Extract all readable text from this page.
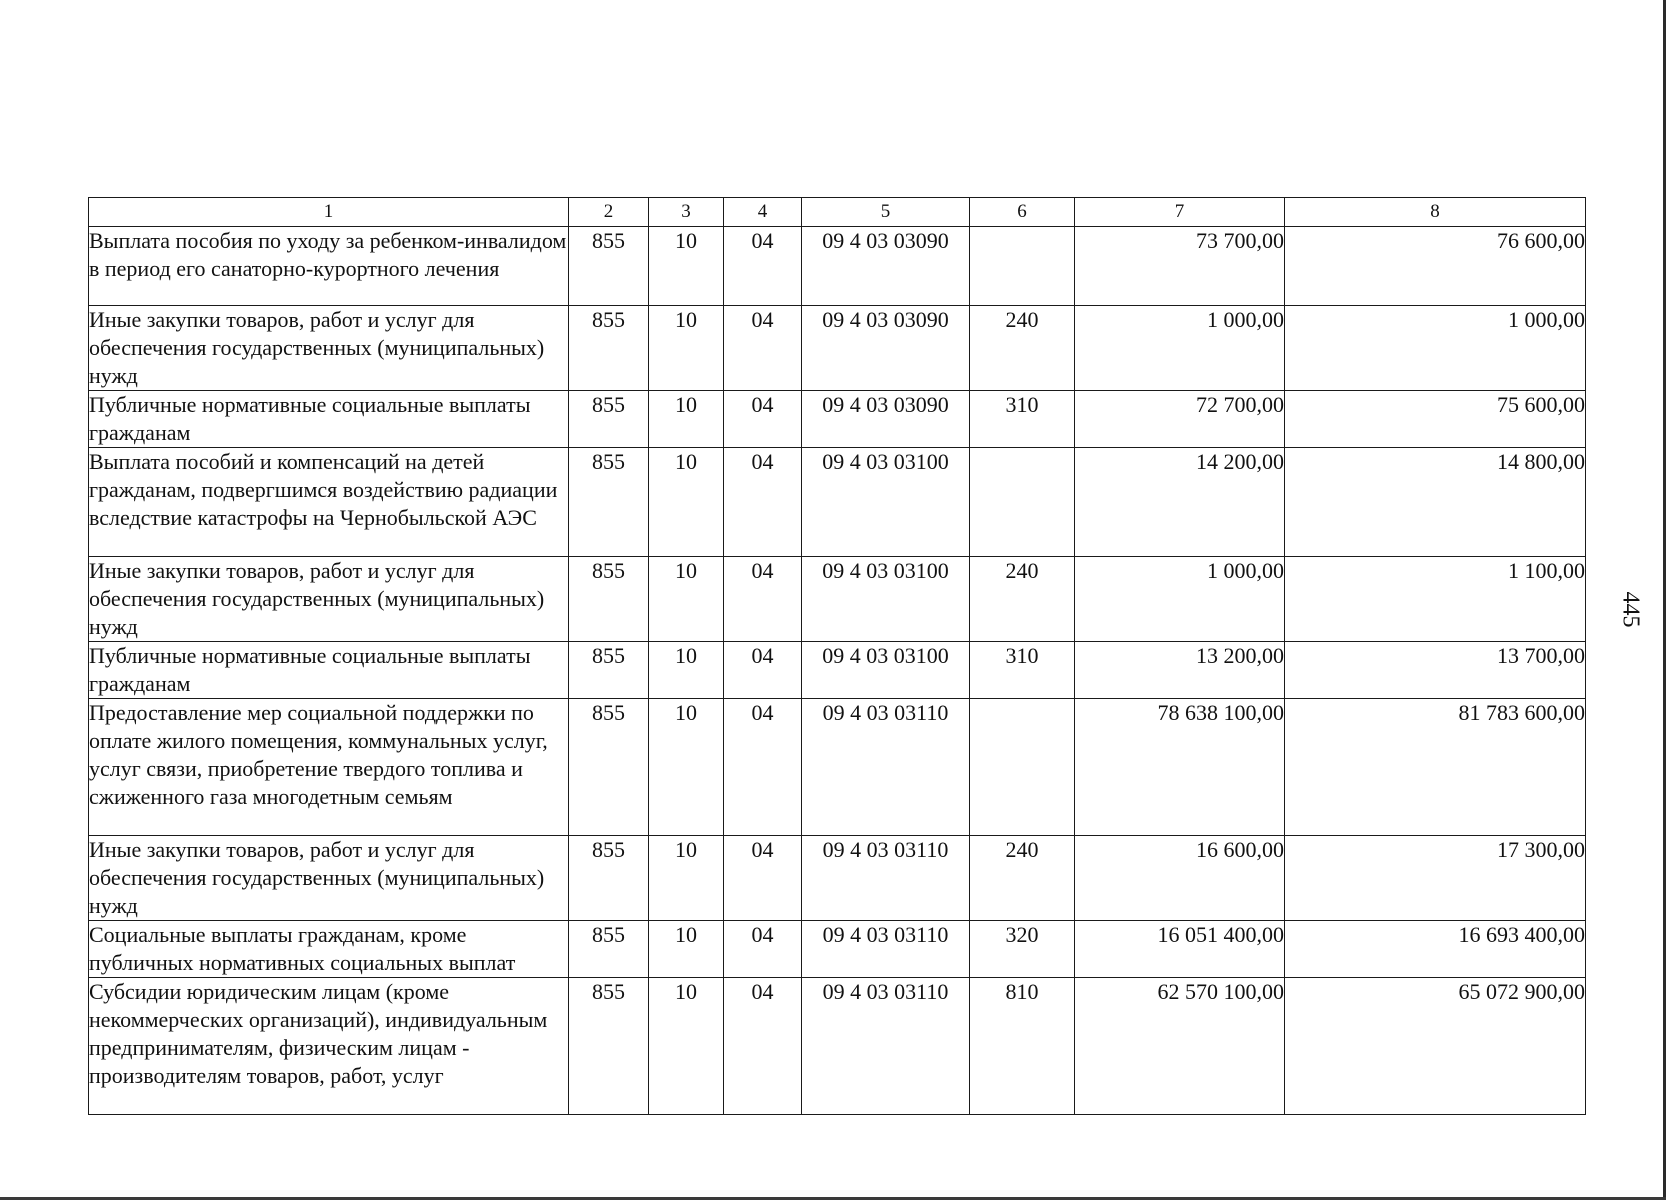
445
1	2	3	4	5	6	7	8
Выплата пособия по уходу за ребенком-инвалидом в период его санаторно-курортного лечения	855	10	04	09 4 03 03090		73 700,00	76 600,00
Иные закупки товаров, работ и услуг для обеспечения государственных (муниципальных) нужд	855	10	04	09 4 03 03090	240	1 000,00	1 000,00
Публичные нормативные социальные выплаты гражданам	855	10	04	09 4 03 03090	310	72 700,00	75 600,00
Выплата пособий и компенсаций на детей гражданам, подвергшимся воздействию радиации вследствие катастрофы на Чернобыльской АЭС	855	10	04	09 4 03 03100		14 200,00	14 800,00
Иные закупки товаров, работ и услуг для обеспечения государственных (муниципальных) нужд	855	10	04	09 4 03 03100	240	1 000,00	1 100,00
Публичные нормативные социальные выплаты гражданам	855	10	04	09 4 03 03100	310	13 200,00	13 700,00
Предоставление мер социальной поддержки по оплате жилого помещения, коммунальных услуг, услуг связи, приобретение твердого топлива и сжиженного газа многодетным семьям	855	10	04	09 4 03 03110		78 638 100,00	81 783 600,00
Иные закупки товаров, работ и услуг для обеспечения государственных (муниципальных) нужд	855	10	04	09 4 03 03110	240	16 600,00	17 300,00
Социальные выплаты гражданам, кроме публичных нормативных социальных выплат	855	10	04	09 4 03 03110	320	16 051 400,00	16 693 400,00
Субсидии юридическим лицам (кроме некоммерческих организаций), индивидуальным предпринимателям, физическим лицам - производителям товаров, работ, услуг	855	10	04	09 4 03 03110	810	62 570 100,00	65 072 900,00
